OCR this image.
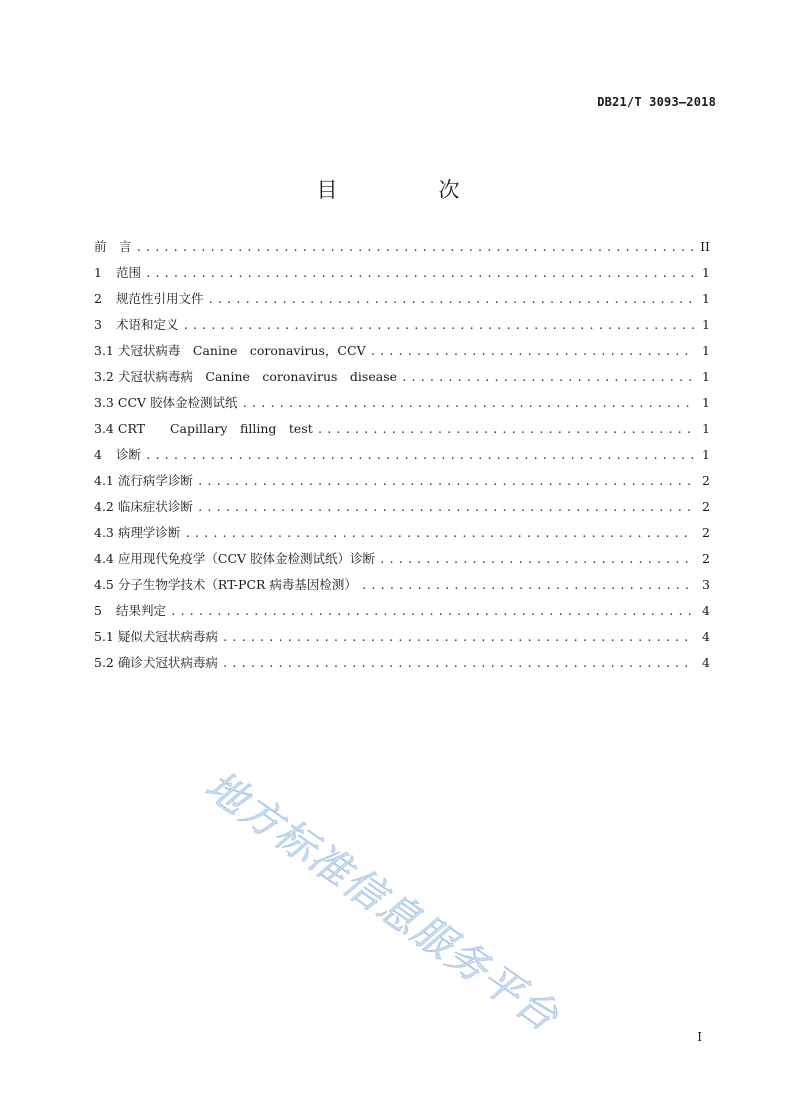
DB21/T 3093—2018
目　次
前　言 .....	II
1 范围 .....	1
2 规范性引用文件 .....	1
3 术语和定义 .....	1
3.1 犬冠状病毒　Canine　coronavirus，CCV .....	1
3.2 犬冠状病毒病　Canine　coronavirus　disease .....	1
3.3 CCV 胶体金检测试纸 .....	1
3.4 CRT　　Capillary　filling　test .....	1
4 诊断 .....	1
4.1 流行病学诊断 .....	2
4.2 临床症状诊断 .....	2
4.3 病理学诊断 .....	2
4.4 应用现代免疫学（CCV 胶体金检测试纸）诊断 .....	2
4.5 分子生物学技术（RT-PCR 病毒基因检测） .....	3
5 结果判定 .....	4
5.1 疑似犬冠状病毒病 .....	4
5.2 确诊犬冠状病毒病 .....	4
地方标准信息服务平台	I
